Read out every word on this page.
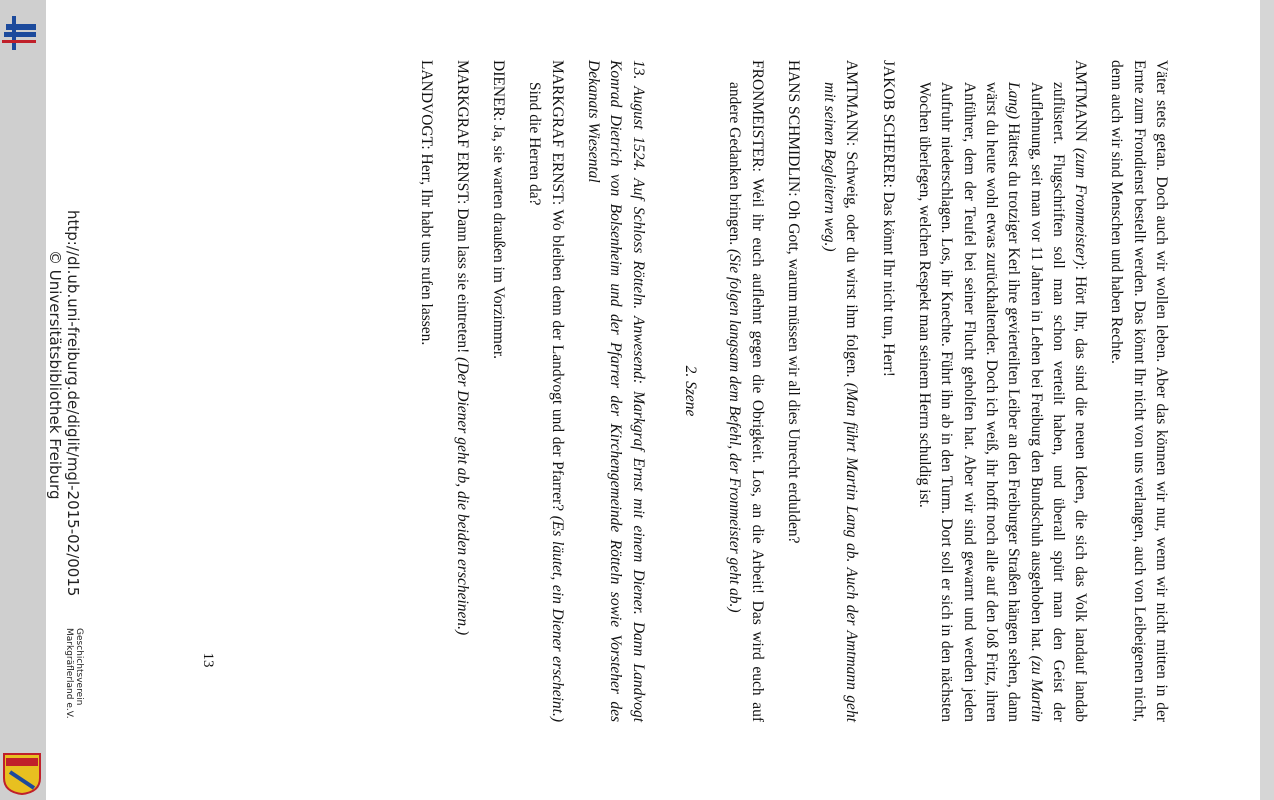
Väter stets getan. Doch auch wir wollen leben. Aber das können wir nur, wenn wir nicht mitten in der Ernte zum Frondienst bestellt werden. Das könnt Ihr nicht von uns verlangen, auch von Leibeigenen nicht, denn auch wir sind Menschen und haben Rechte.

AMTMANN (zum Fronmeister): Hört Ihr, das sind die neuen Ideen, die sich das Volk landauf landab zuflüstert. Flugschriften soll man schon verteilt haben, und überall spürt man den Geist der Auflehnung, seit man vor 11 Jahren in Lehen bei Freiburg den Bundschuh ausgehoben hat. (zu Martin Lang) Hättest du trotziger Kerl ihre gevierteilten Leiber an den Freiburger Straßen hängen sehen, dann wärst du heute wohl etwas zurückhaltender. Doch ich weiß, ihr hofft noch alle auf den Joß Fritz, ihren Anführer, dem der Teufel bei seiner Flucht geholfen hat. Aber wir sind gewarnt und werden jeden Aufruhr niederschlagen. Los, ihr Knechte. Führt ihn ab in den Turm. Dort soll er sich in den nächsten Wochen überlegen, welchen Respekt man seinem Herrn schuldig ist.

JAKOB SCHERER: Das könnt Ihr nicht tun, Herr!

AMTMANN: Schweig, oder du wirst ihm folgen. (Man führt Martin Lang ab. Auch der Amtmann geht mit seinen Begleitern weg.)

HANS SCHMIDLIN: Oh Gott, warum müssen wir all dies Unrecht erdulden?

FRONMEISTER: Weil ihr euch auflehnt gegen die Obrigkeit. Los, an die Arbeit! Das wird euch auf andere Gedanken bringen. (Sie folgen langsam dem Befehl, der Fronmeister geht ab.)

2. Szene

13. August 1524. Auf Schloss Rötteln. Anwesend: Markgraf Ernst mit einem Diener. Dann Landvogt Konrad Dietrich von Bolsenheim und der Pfarrer der Kirchengemeinde Rötteln sowie Vorsteher des Dekanats Wiesental

MARKGRAF ERNST: Wo bleiben denn der Landvogt und der Pfarrer? (Es läutet, ein Diener erscheint.) Sind die Herren da?

DIENER: Ja, sie warten draußen im Vorzimmer.

MARKGRAF ERNST: Dann lass sie eintreten! (Der Diener geht ab, die beiden erscheinen.)

LANDVOGT: Herr, Ihr habt uns rufen lassen.

13
http://dl.ub.uni-freiburg.de/diglit/mgl-2015-02/0015
© Universitätsbibliothek Freiburg
Geschichtsverein
Markgräflerland e.V.
